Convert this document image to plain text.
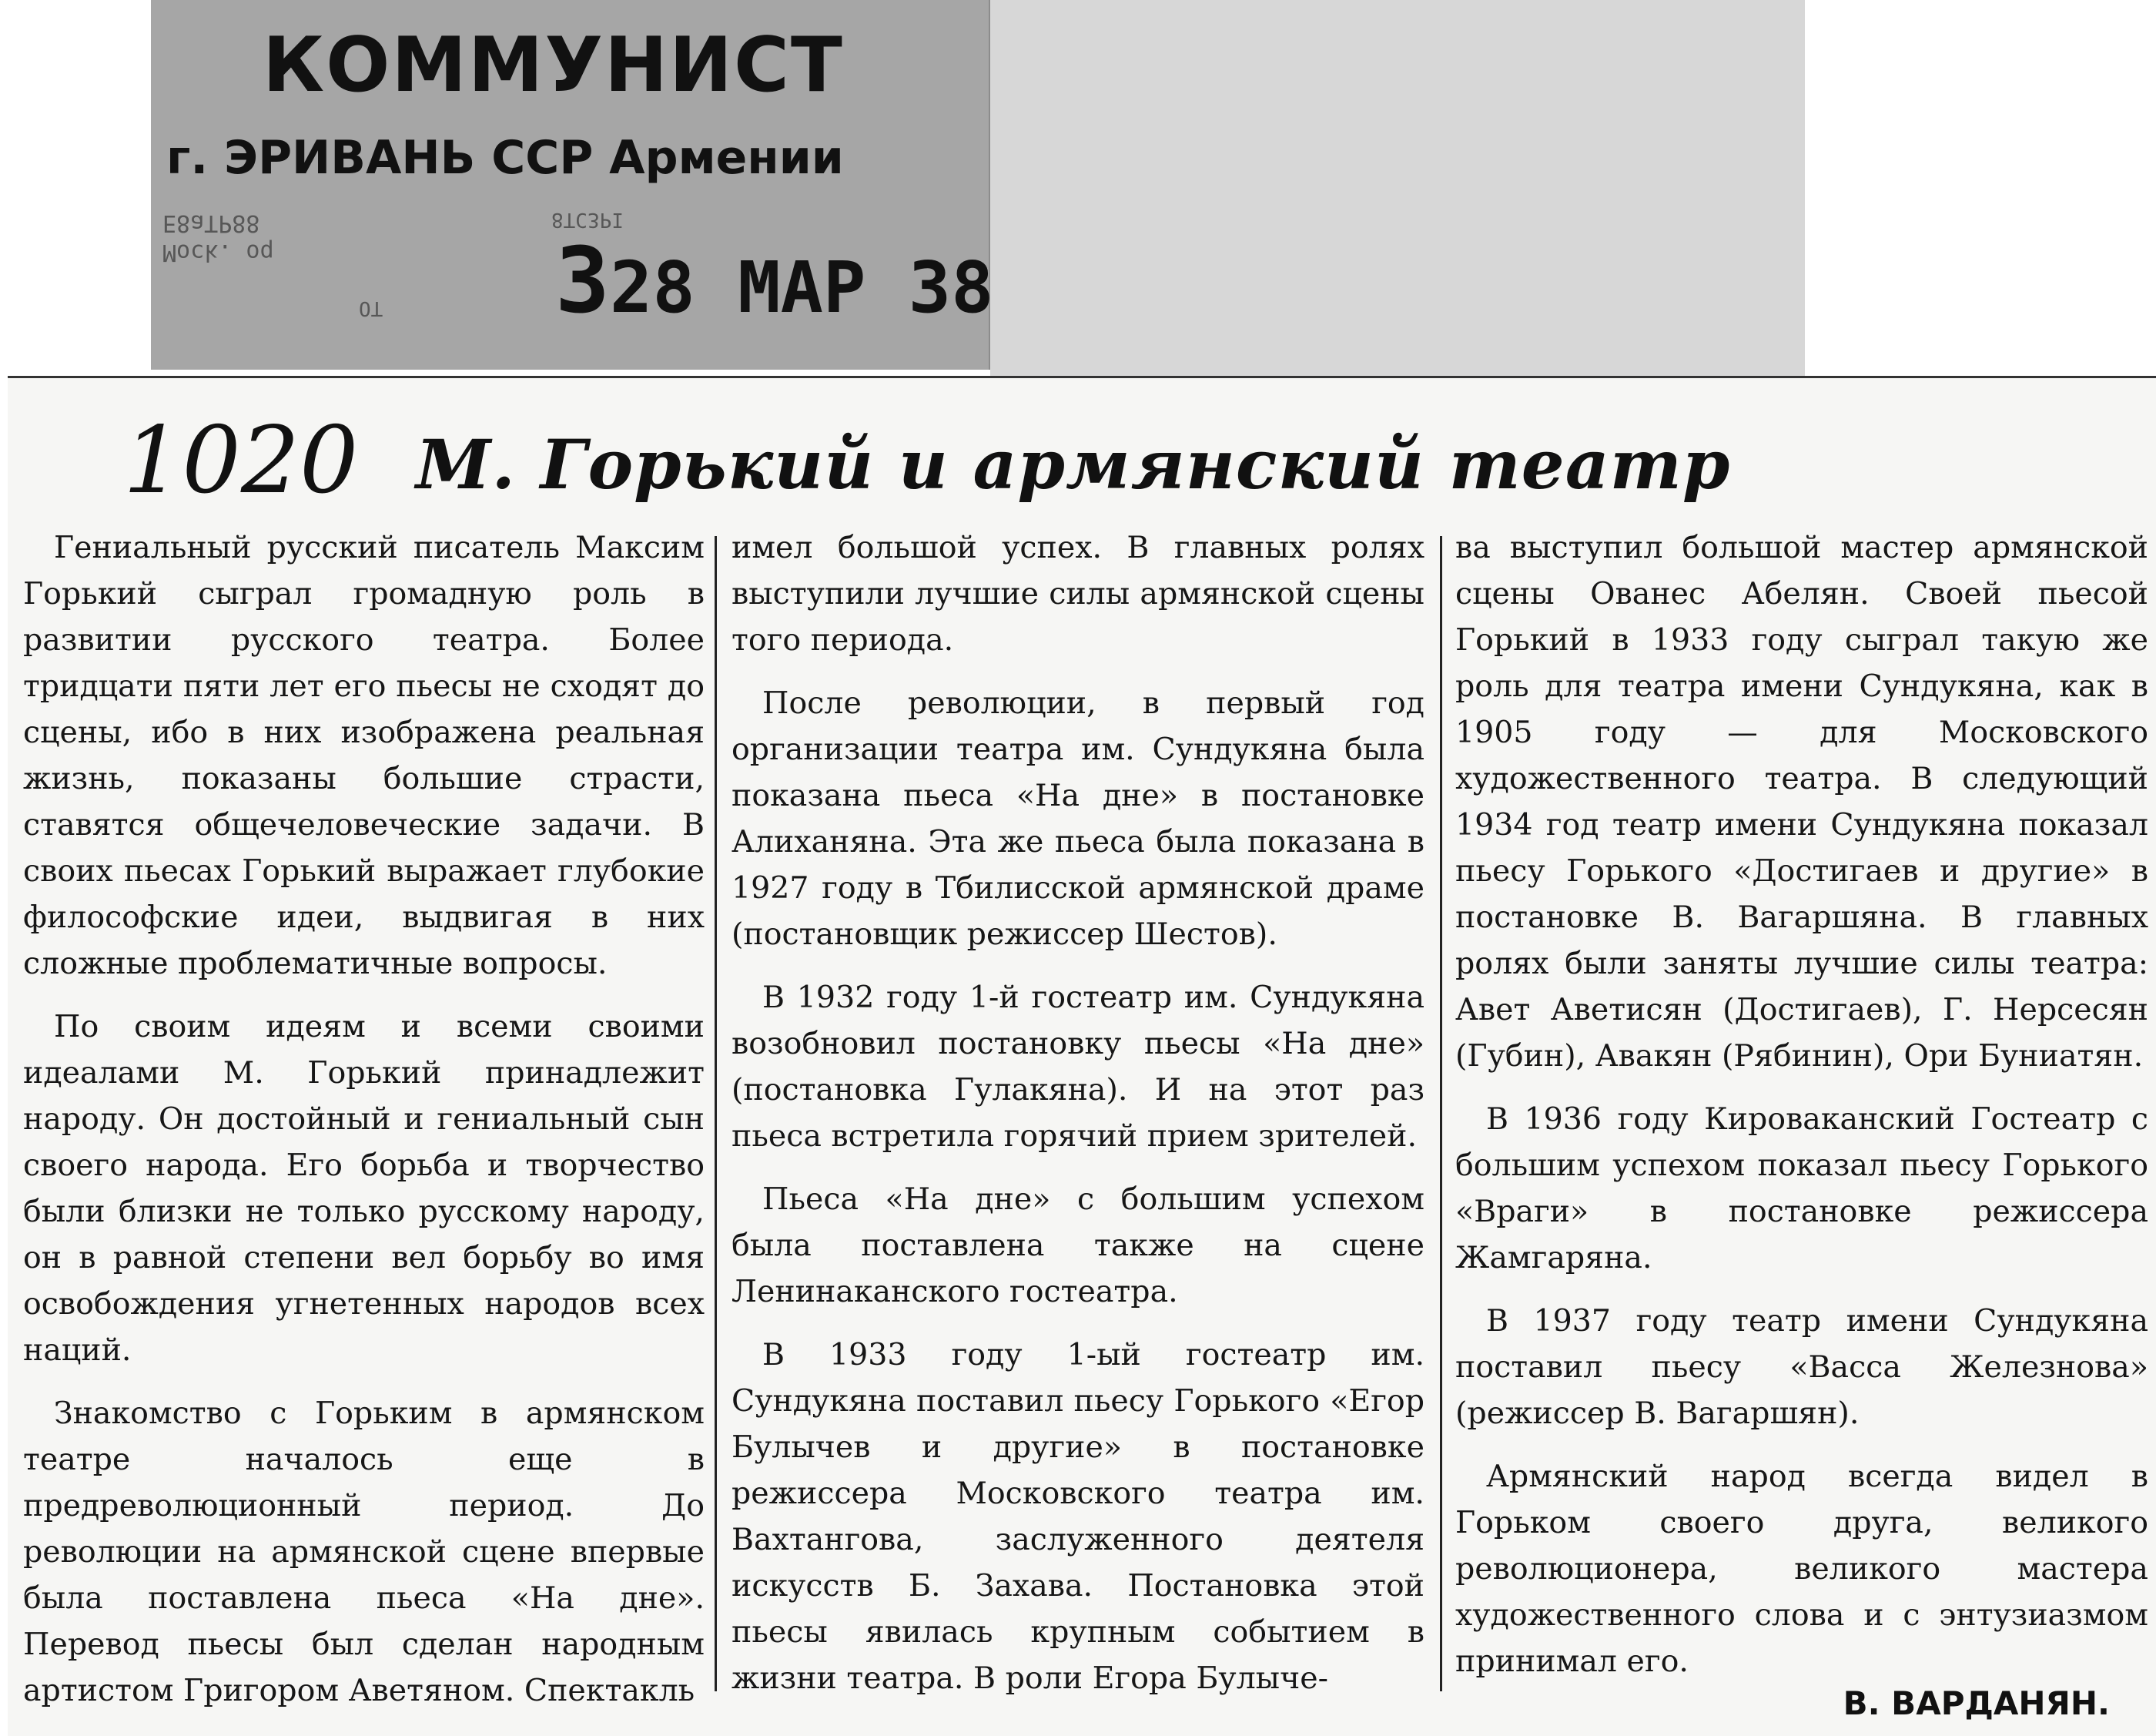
КОММУНИСТ
г. ЭРИВАНЬ ССР Армении
Mock. oq
E8aTP88	8TC3PI
OT	328 МАР 38
1020 М. Горький и армянский театр

Гениальный русский писатель Максим Горький сыграл громадную роль в развитии русского театра. Более тридцати пяти лет его пьесы не сходят до сцены, ибо в них изображена реальная жизнь, показаны большие страсти, ставятся общечеловеческие задачи. В своих пьесах Горький выражает глубокие философские идеи, выдвигая в них сложные проблематичные вопросы.

По своим идеям и всеми своими идеалами М. Горький принадлежит народу. Он достойный и гениальный сын своего народа. Его борьба и творчество были близки не только русскому народу, он в равной степени вел борьбу во имя освобождения угнетенных народов всех наций.

Знакомство с Горьким в армянском театре началось еще в предреволюционный период. До революции на армянской сцене впервые была поставлена пьеса «На дне». Перевод пьесы был сделан народным артистом Григором Аветяном. Спектакль

имел большой успех. В главных ролях выступили лучшие силы армянской сцены того периода.

После революции, в первый год организации театра им. Сундукяна была показана пьеса «На дне» в постановке Алиханяна. Эта же пьеса была показана в 1927 году в Тбилисской армянской драме (постановщик режиссер Шестов).

В 1932 году 1-й гостеатр им. Сундукяна возобновил постановку пьесы «На дне» (постановка Гулакяна). И на этот раз пьеса встретила горячий прием зрителей.

Пьеса «На дне» с большим успехом была поставлена также на сцене Ленинаканского гостеатра.

В 1933 году 1-ый гостеатр им. Сундукяна поставил пьесу Горького «Егор Булычев и другие» в постановке режиссера Московского театра им. Вахтангова, заслуженного деятеля искусств Б. Захава. Постановка этой пьесы явилась крупным событием в жизни театра. В роли Егора Булыче-

ва выступил большой мастер армянской сцены Ованес Абелян. Своей пьесой Горький в 1933 году сыграл такую же роль для театра имени Сундукяна, как в 1905 году — для Московского художественного театра. В следующий 1934 год театр имени Сундукяна показал пьесу Горького «Достигаев и другие» в постановке В. Вагаршяна. В главных ролях были заняты лучшие силы театра: Авет Аветисян (Достигаев), Г. Нерсесян (Губин), Авакян (Рябинин), Ори Буниатян.

В 1936 году Кироваканский Гостеатр с большим успехом показал пьесу Горького «Враги» в постановке режиссера Жамгаряна.

В 1937 году театр имени Сундукяна поставил пьесу «Васса Железнова» (режиссер В. Вагаршян).

Армянский народ всегда видел в Горьком своего друга, великого революционера, великого мастера художественного слова и с энтузиазмом принимал его.

В. ВАРДАНЯН.
